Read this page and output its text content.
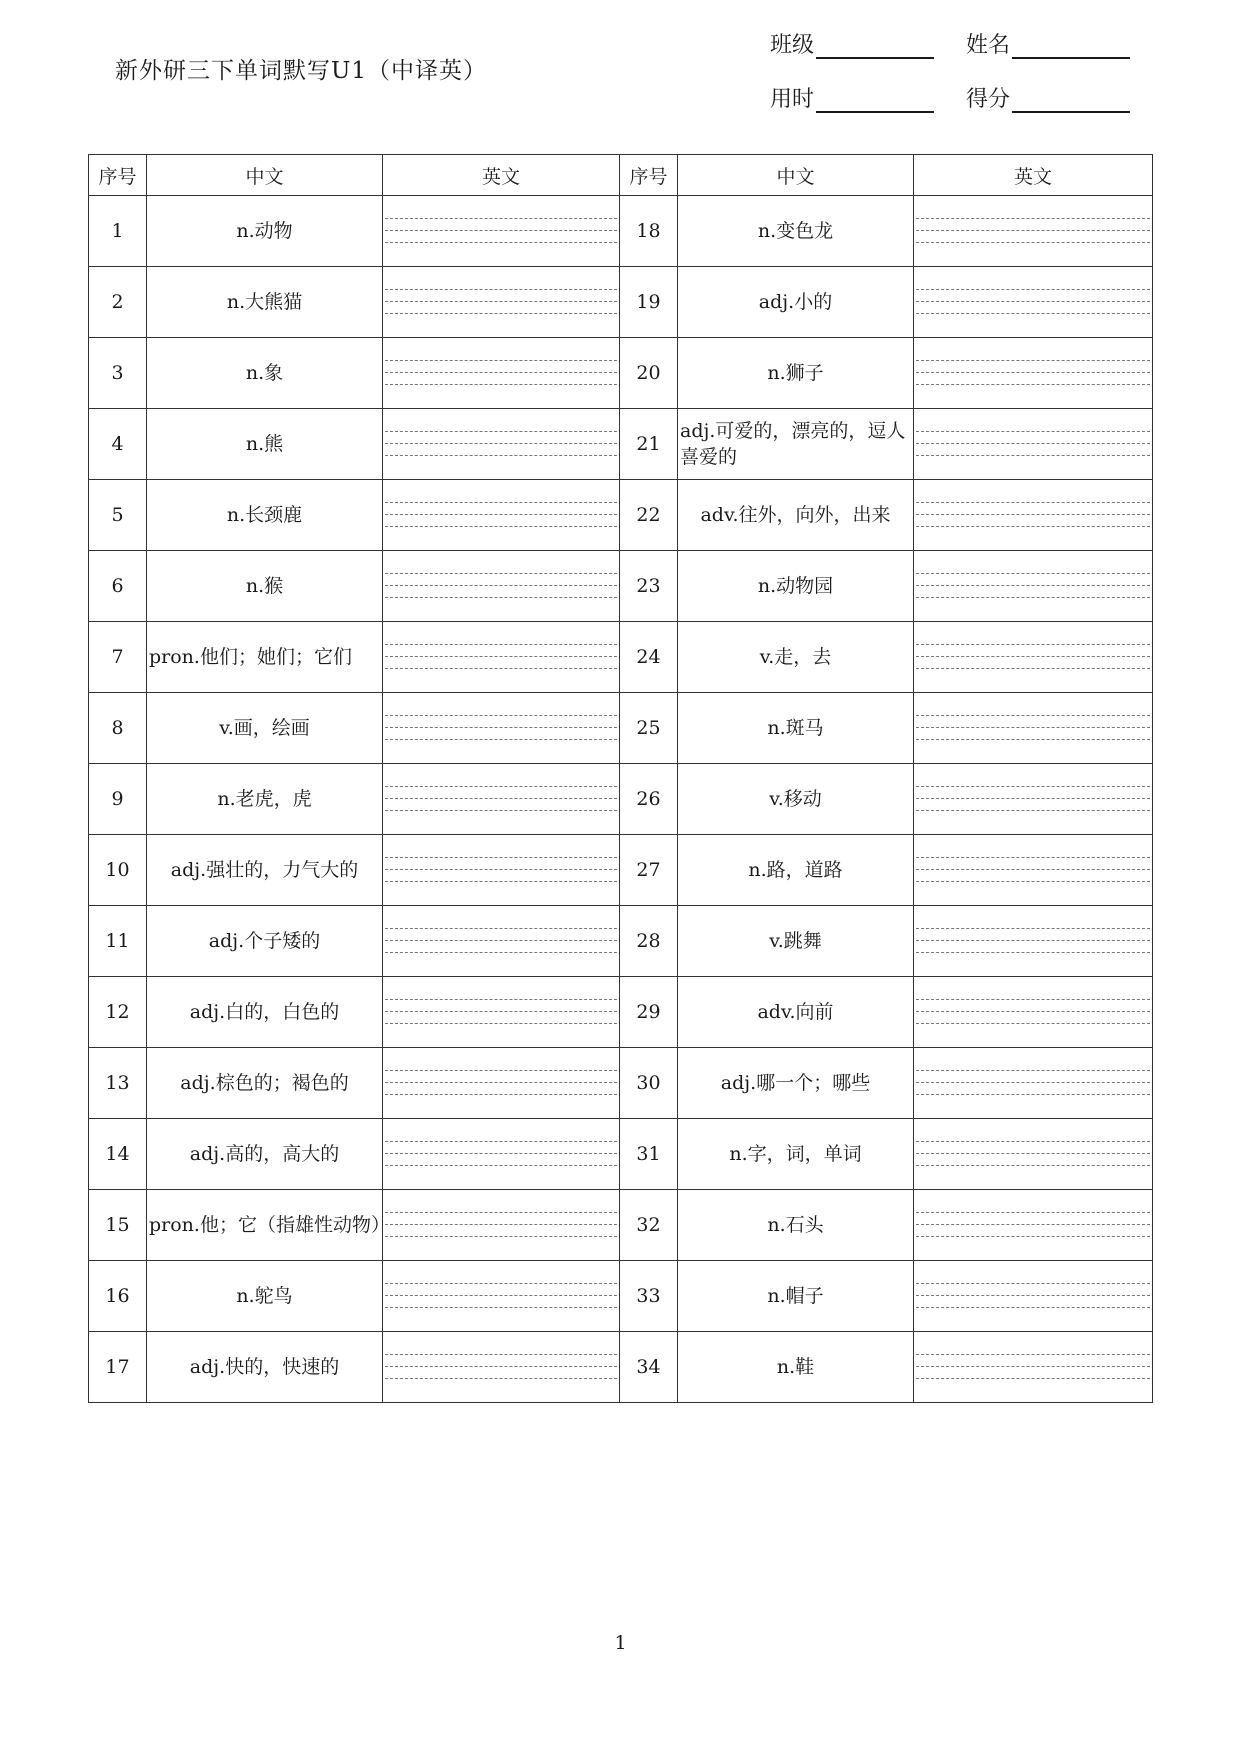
新外研三下单词默写U1（中译英）
班级	姓名
用时	得分
序号	中文	英文	序号	中文	英文
1	n.动物		18	n.变色龙	

2	n.大熊猫		19	adj.小的	

3	n.象		20	n.狮子	

4	n.熊		21	adj.可爱的，漂亮的，逗人喜爱的	

5	n.长颈鹿		22	adv.往外，向外，出来	

6	n.猴		23	n.动物园	

7	pron.他们；她们；它们		24	v.走，去	

8	v.画，绘画		25	n.斑马	

9	n.老虎，虎		26	v.移动	

10	adj.强壮的，力气大的		27	n.路，道路	

11	adj.个子矮的		28	v.跳舞	

12	adj.白的，白色的		29	adv.向前	

13	adj.棕色的；褐色的		30	adj.哪一个；哪些	

14	adj.高的，高大的		31	n.字，词，单词	

15	pron.他；它（指雄性动物）		32	n.石头	

16	n.鸵鸟		33	n.帽子	

17	adj.快的，快速的		34	n.鞋	
1
